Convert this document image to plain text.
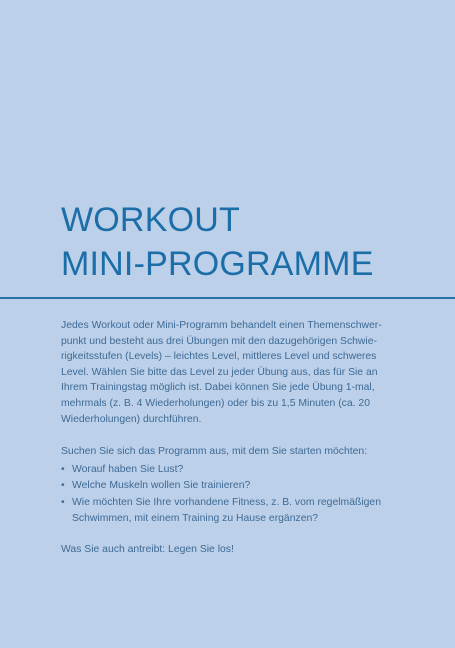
WORKOUT
MINI-PROGRAMME

Jedes Workout oder Mini-Programm behandelt einen Themenschwer-
punkt und besteht aus drei Übungen mit den dazugehörigen Schwie-
rigkeitsstufen (Levels) – leichtes Level, mittleres Level und schweres
Level. Wählen Sie bitte das Level zu jeder Übung aus, das für Sie an
Ihrem Trainingstag möglich ist. Dabei können Sie jede Übung 1-mal,
mehrmals (z. B. 4 Wiederholungen) oder bis zu 1,5 Minuten (ca. 20
Wiederholungen) durchführen.

Suchen Sie sich das Programm aus, mit dem Sie starten möchten:

• Worauf haben Sie Lust?
• Welche Muskeln wollen Sie trainieren?
• Wie möchten Sie Ihre vorhandene Fitness, z. B. vom regelmäßigen
Schwimmen, mit einem Training zu Hause ergänzen?

Was Sie auch antreibt: Legen Sie los!
